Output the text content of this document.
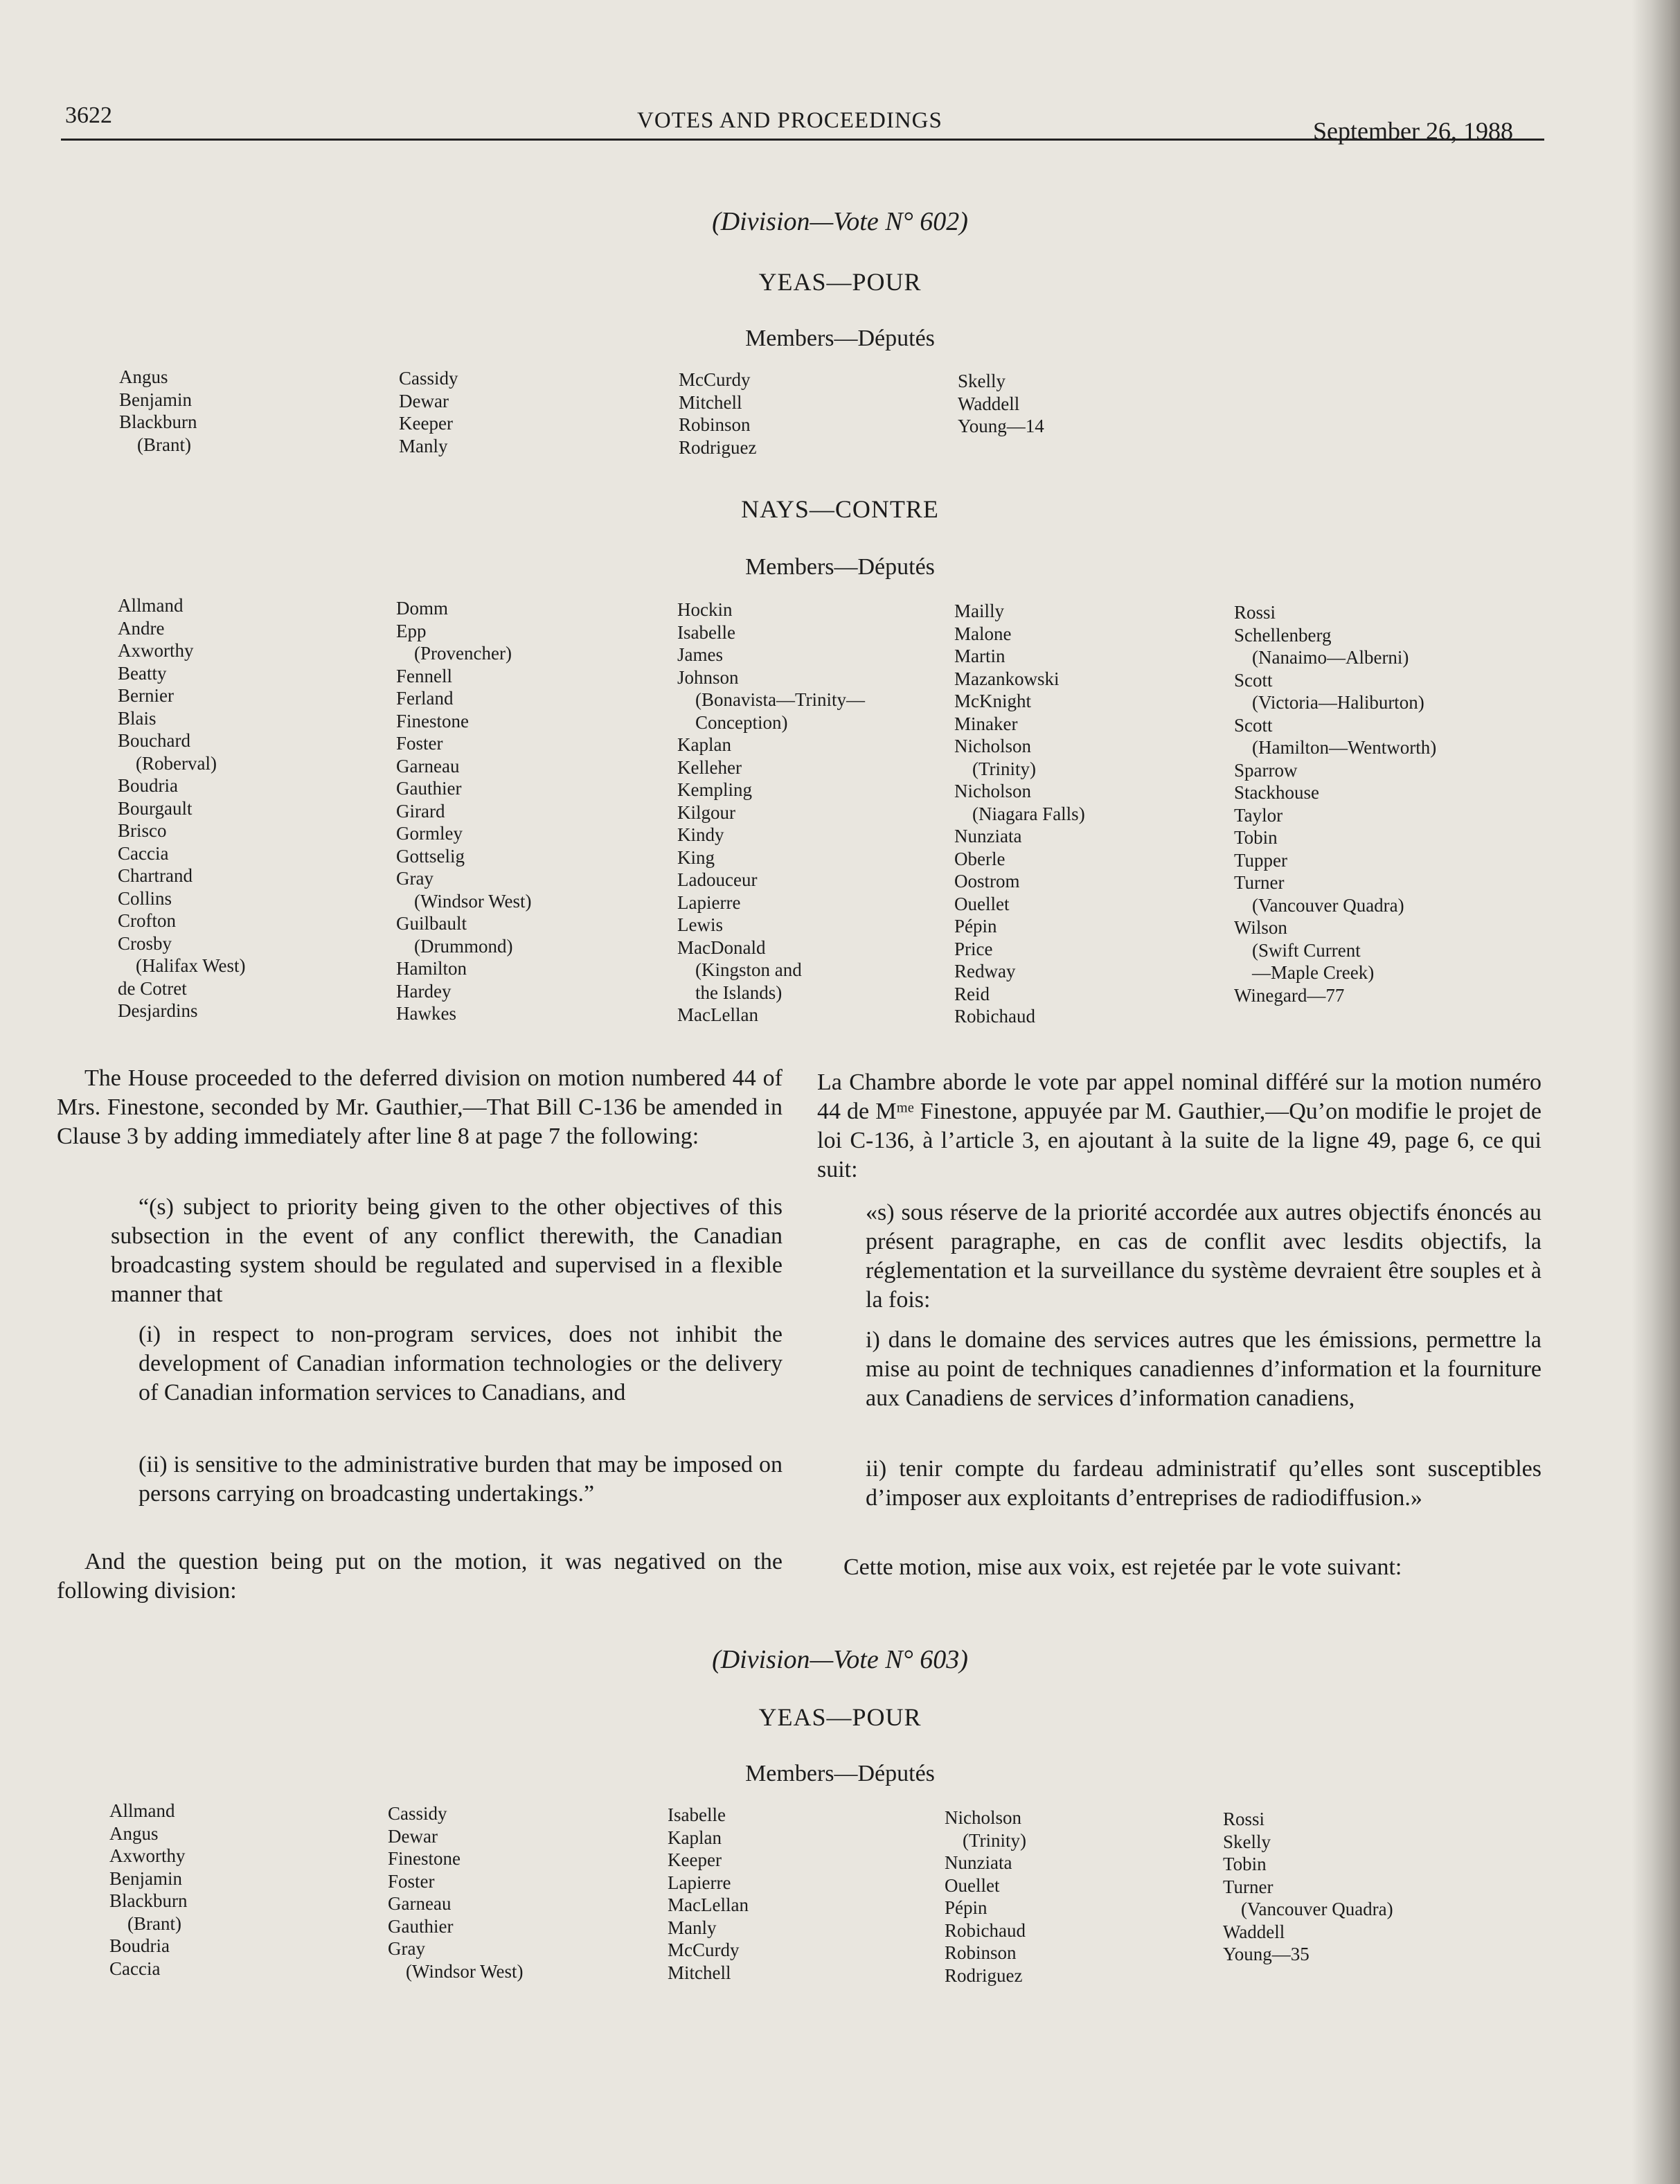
3622	VOTES AND PROCEEDINGS	September 26, 1988
(Division—Vote N° 602)
YEAS—POUR
Members—Députés
Angus
Benjamin
Blackburn
(Brant)
Cassidy
Dewar
Keeper
Manly
McCurdy
Mitchell
Robinson
Rodriguez
Skelly
Waddell
Young—14
NAYS—CONTRE
Members—Députés
Allmand
Andre
Axworthy
Beatty
Bernier
Blais
Bouchard
(Roberval)
Boudria
Bourgault
Brisco
Caccia
Chartrand
Collins
Crofton
Crosby
(Halifax West)
de Cotret
Desjardins
Domm
Epp
(Provencher)
Fennell
Ferland
Finestone
Foster
Garneau
Gauthier
Girard
Gormley
Gottselig
Gray
(Windsor West)
Guilbault
(Drummond)
Hamilton
Hardey
Hawkes
Hockin
Isabelle
James
Johnson
(Bonavista—Trinity—
Conception)
Kaplan
Kelleher
Kempling
Kilgour
Kindy
King
Ladouceur
Lapierre
Lewis
MacDonald
(Kingston and
the Islands)
MacLellan
Mailly
Malone
Martin
Mazankowski
McKnight
Minaker
Nicholson
(Trinity)
Nicholson
(Niagara Falls)
Nunziata
Oberle
Oostrom
Ouellet
Pépin
Price
Redway
Reid
Robichaud
Rossi
Schellenberg
(Nanaimo—Alberni)
Scott
(Victoria—Haliburton)
Scott
(Hamilton—Wentworth)
Sparrow
Stackhouse
Taylor
Tobin
Tupper
Turner
(Vancouver Quadra)
Wilson
(Swift Current
—Maple Creek)
Winegard—77

The House proceeded to the deferred division on motion numbered 44 of Mrs. Finestone, seconded by Mr. Gauthier,—That Bill C-136 be amended in Clause 3 by adding immediately after line 8 at page 7 the following:

“(s) subject to priority being given to the other objectives of this subsection in the event of any conflict therewith, the Canadian broadcasting system should be regulated and supervised in a flexible manner that

(i) in respect to non-program services, does not inhibit the development of Canadian information technologies or the delivery of Canadian information services to Canadians, and

(ii) is sensitive to the administrative burden that may be imposed on persons carrying on broadcasting undertakings.”

And the question being put on the motion, it was negatived on the following division:

La Chambre aborde le vote par appel nominal différé sur la motion numéro 44 de Mᵐᵉ Finestone, appuyée par M. Gauthier,—Qu’on modifie le projet de loi C-136, à l’article 3, en ajoutant à la suite de la ligne 49, page 6, ce qui suit:

«s) sous réserve de la priorité accordée aux autres objectifs énoncés au présent paragraphe, en cas de conflit avec lesdits objectifs, la réglementation et la surveillance du système devraient être souples et à la fois:

i) dans le domaine des services autres que les émissions, permettre la mise au point de techniques canadiennes d’information et la fourniture aux Canadiens de services d’information canadiens,

ii) tenir compte du fardeau administratif qu’elles sont susceptibles d’imposer aux exploitants d’entreprises de radiodiffusion.»

Cette motion, mise aux voix, est rejetée par le vote suivant:

(Division—Vote N° 603)
YEAS—POUR
Members—Députés
Allmand
Angus
Axworthy
Benjamin
Blackburn
(Brant)
Boudria
Caccia
Cassidy
Dewar
Finestone
Foster
Garneau
Gauthier
Gray
(Windsor West)
Isabelle
Kaplan
Keeper
Lapierre
MacLellan
Manly
McCurdy
Mitchell
Nicholson
(Trinity)
Nunziata
Ouellet
Pépin
Robichaud
Robinson
Rodriguez
Rossi
Skelly
Tobin
Turner
(Vancouver Quadra)
Waddell
Young—35
